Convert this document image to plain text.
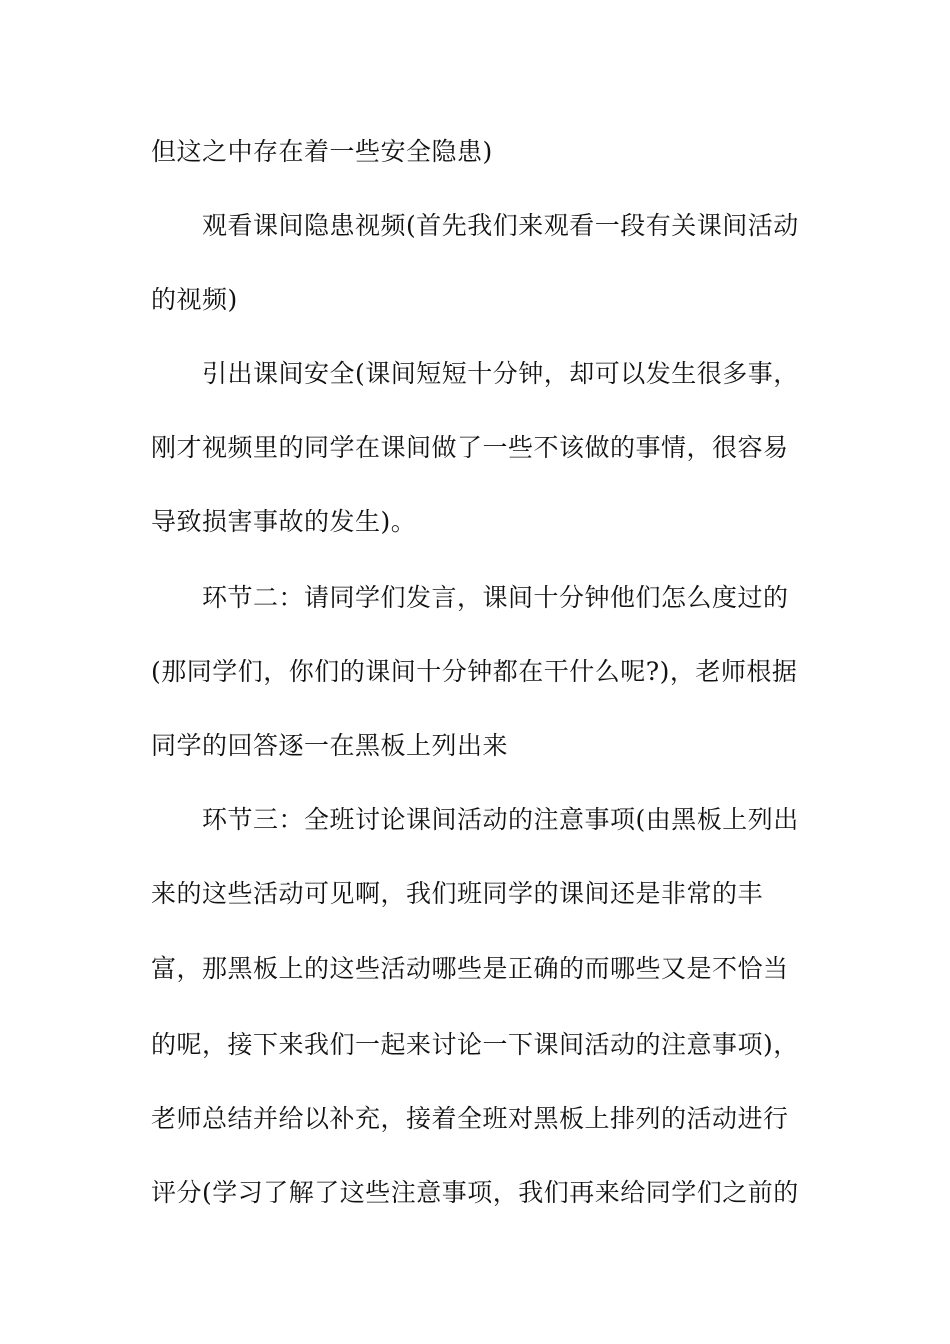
但这之中存在着一些安全隐患)
观看课间隐患视频(首先我们来观看一段有关课间活动
的视频)
引出课间安全(课间短短十分钟，却可以发生很多事，
刚才视频里的同学在课间做了一些不该做的事情，很容易
导致损害事故的发生)。
环节二：请同学们发言，课间十分钟他们怎么度过的
(那同学们，你们的课间十分钟都在干什么呢?)，老师根据
同学的回答逐一在黑板上列出来
环节三：全班讨论课间活动的注意事项(由黑板上列出
来的这些活动可见啊，我们班同学的课间还是非常的丰
富，那黑板上的这些活动哪些是正确的而哪些又是不恰当
的呢，接下来我们一起来讨论一下课间活动的注意事项)，
老师总结并给以补充，接着全班对黑板上排列的活动进行
评分(学习了解了这些注意事项，我们再来给同学们之前的
